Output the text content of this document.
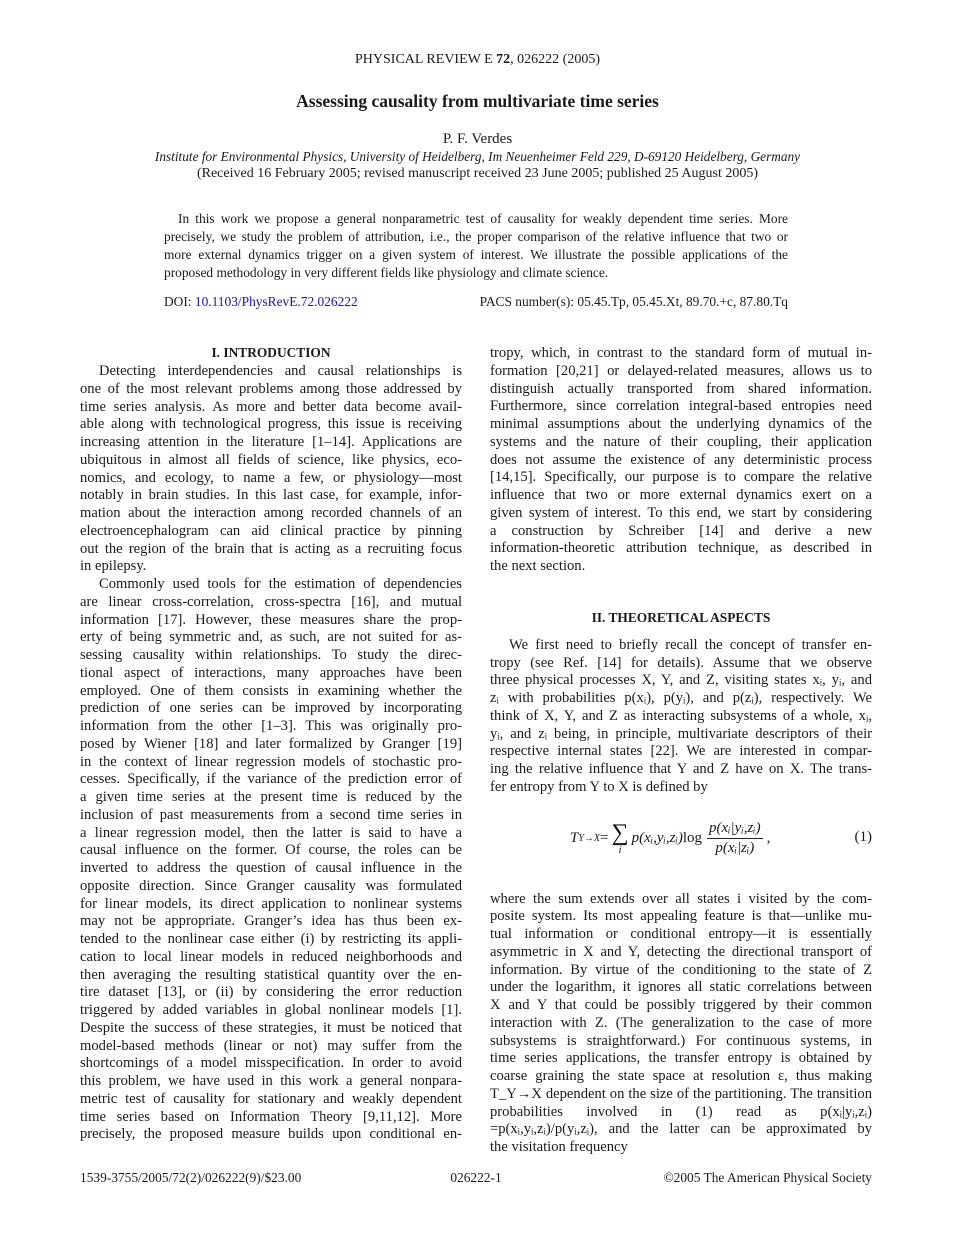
PHYSICAL REVIEW E 72, 026222 (2005)
Assessing causality from multivariate time series
P. F. Verdes
Institute for Environmental Physics, University of Heidelberg, Im Neuenheimer Feld 229, D-69120 Heidelberg, Germany
(Received 16 February 2005; revised manuscript received 23 June 2005; published 25 August 2005)
In this work we propose a general nonparametric test of causality for weakly dependent time series. More
precisely, we study the problem of attribution, i.e., the proper comparison of the relative influence that two or
more external dynamics trigger on a given system of interest. We illustrate the possible applications of the
proposed methodology in very different fields like physiology and climate science.
DOI: 10.1103/PhysRevE.72.026222	PACS number(s): 05.45.Tp, 05.45.Xt, 89.70.+c, 87.80.Tq
I. INTRODUCTION
Detecting interdependencies and causal relationships is
one of the most relevant problems among those addressed by
time series analysis. As more and better data become avail-
able along with technological progress, this issue is receiving
increasing attention in the literature [1–14]. Applications are
ubiquitous in almost all fields of science, like physics, eco-
nomics, and ecology, to name a few, or physiology—most
notably in brain studies. In this last case, for example, infor-
mation about the interaction among recorded channels of an
electroencephalogram can aid clinical practice by pinning
out the region of the brain that is acting as a recruiting focus
in epilepsy.
Commonly used tools for the estimation of dependencies
are linear cross-correlation, cross-spectra [16], and mutual
information [17]. However, these measures share the prop-
erty of being symmetric and, as such, are not suited for as-
sessing causality within relationships. To study the direc-
tional aspect of interactions, many approaches have been
employed. One of them consists in examining whether the
prediction of one series can be improved by incorporating
information from the other [1–3]. This was originally pro-
posed by Wiener [18] and later formalized by Granger [19]
in the context of linear regression models of stochastic pro-
cesses. Specifically, if the variance of the prediction error of
a given time series at the present time is reduced by the
inclusion of past measurements from a second time series in
a linear regression model, then the latter is said to have a
causal influence on the former. Of course, the roles can be
inverted to address the question of causal influence in the
opposite direction. Since Granger causality was formulated
for linear models, its direct application to nonlinear systems
may not be appropriate. Granger’s idea has thus been ex-
tended to the nonlinear case either (i) by restricting its appli-
cation to local linear models in reduced neighborhoods and
then averaging the resulting statistical quantity over the en-
tire dataset [13], or (ii) by considering the error reduction
triggered by added variables in global nonlinear models [1].
Despite the success of these strategies, it must be noticed that
model-based methods (linear or not) may suffer from the
shortcomings of a model misspecification. In order to avoid
this problem, we have used in this work a general nonpara-
metric test of causality for stationary and weakly dependent
time series based on Information Theory [9,11,12]. More
precisely, the proposed measure builds upon conditional en-
tropy, which, in contrast to the standard form of mutual in-
formation [20,21] or delayed-related measures, allows us to
distinguish actually transported from shared information.
Furthermore, since correlation integral-based entropies need
minimal assumptions about the underlying dynamics of the
systems and the nature of their coupling, their application
does not assume the existence of any deterministic process
[14,15]. Specifically, our purpose is to compare the relative
influence that two or more external dynamics exert on a
given system of interest. To this end, we start by considering
a construction by Schreiber [14] and derive a new
information-theoretic attribution technique, as described in
the next section.
II. THEORETICAL ASPECTS
We first need to briefly recall the concept of transfer en-
tropy (see Ref. [14] for details). Assume that we observe
three physical processes X, Y, and Z, visiting states xᵢ, yᵢ, and
zᵢ with probabilities p(xᵢ), p(yᵢ), and p(zᵢ), respectively. We
think of X, Y, and Z as interacting subsystems of a whole, xᵢ,
yᵢ, and zᵢ being, in principle, multivariate descriptors of their
respective internal states [22]. We are interested in compar-
ing the relative influence that Y and Z have on X. The trans-
fer entropy from Y to X is defined by
T Y→X = ∑
i
p(xᵢ,yᵢ,zᵢ) $\log \frac{\text{p(xᵢ|yᵢ,zᵢ)}}{\text{p(xᵢ|zᵢ)}}$ ,	(1)
where the sum extends over all states i visited by the com-
posite system. Its most appealing feature is that—unlike mu-
tual information or conditional entropy—it is essentially
asymmetric in X and Y, detecting the directional transport of
information. By virtue of the conditioning to the state of Z
under the logarithm, it ignores all static correlations between
X and Y that could be possibly triggered by their common
interaction with Z. (The generalization to the case of more
subsystems is straightforward.) For continuous systems, in
time series applications, the transfer entropy is obtained by
coarse graining the state space at resolution ε, thus making
T_Y→X dependent on the size of the partitioning. The transition
probabilities involved in (1) read as p(xᵢ|yᵢ,zᵢ)
=p(xᵢ,yᵢ,zᵢ)/p(yᵢ,zᵢ), and the latter can be approximated by
the visitation frequency
1539-3755/2005/72(2)/026222(9)/$23.00	026222-1	©2005 The American Physical Society
